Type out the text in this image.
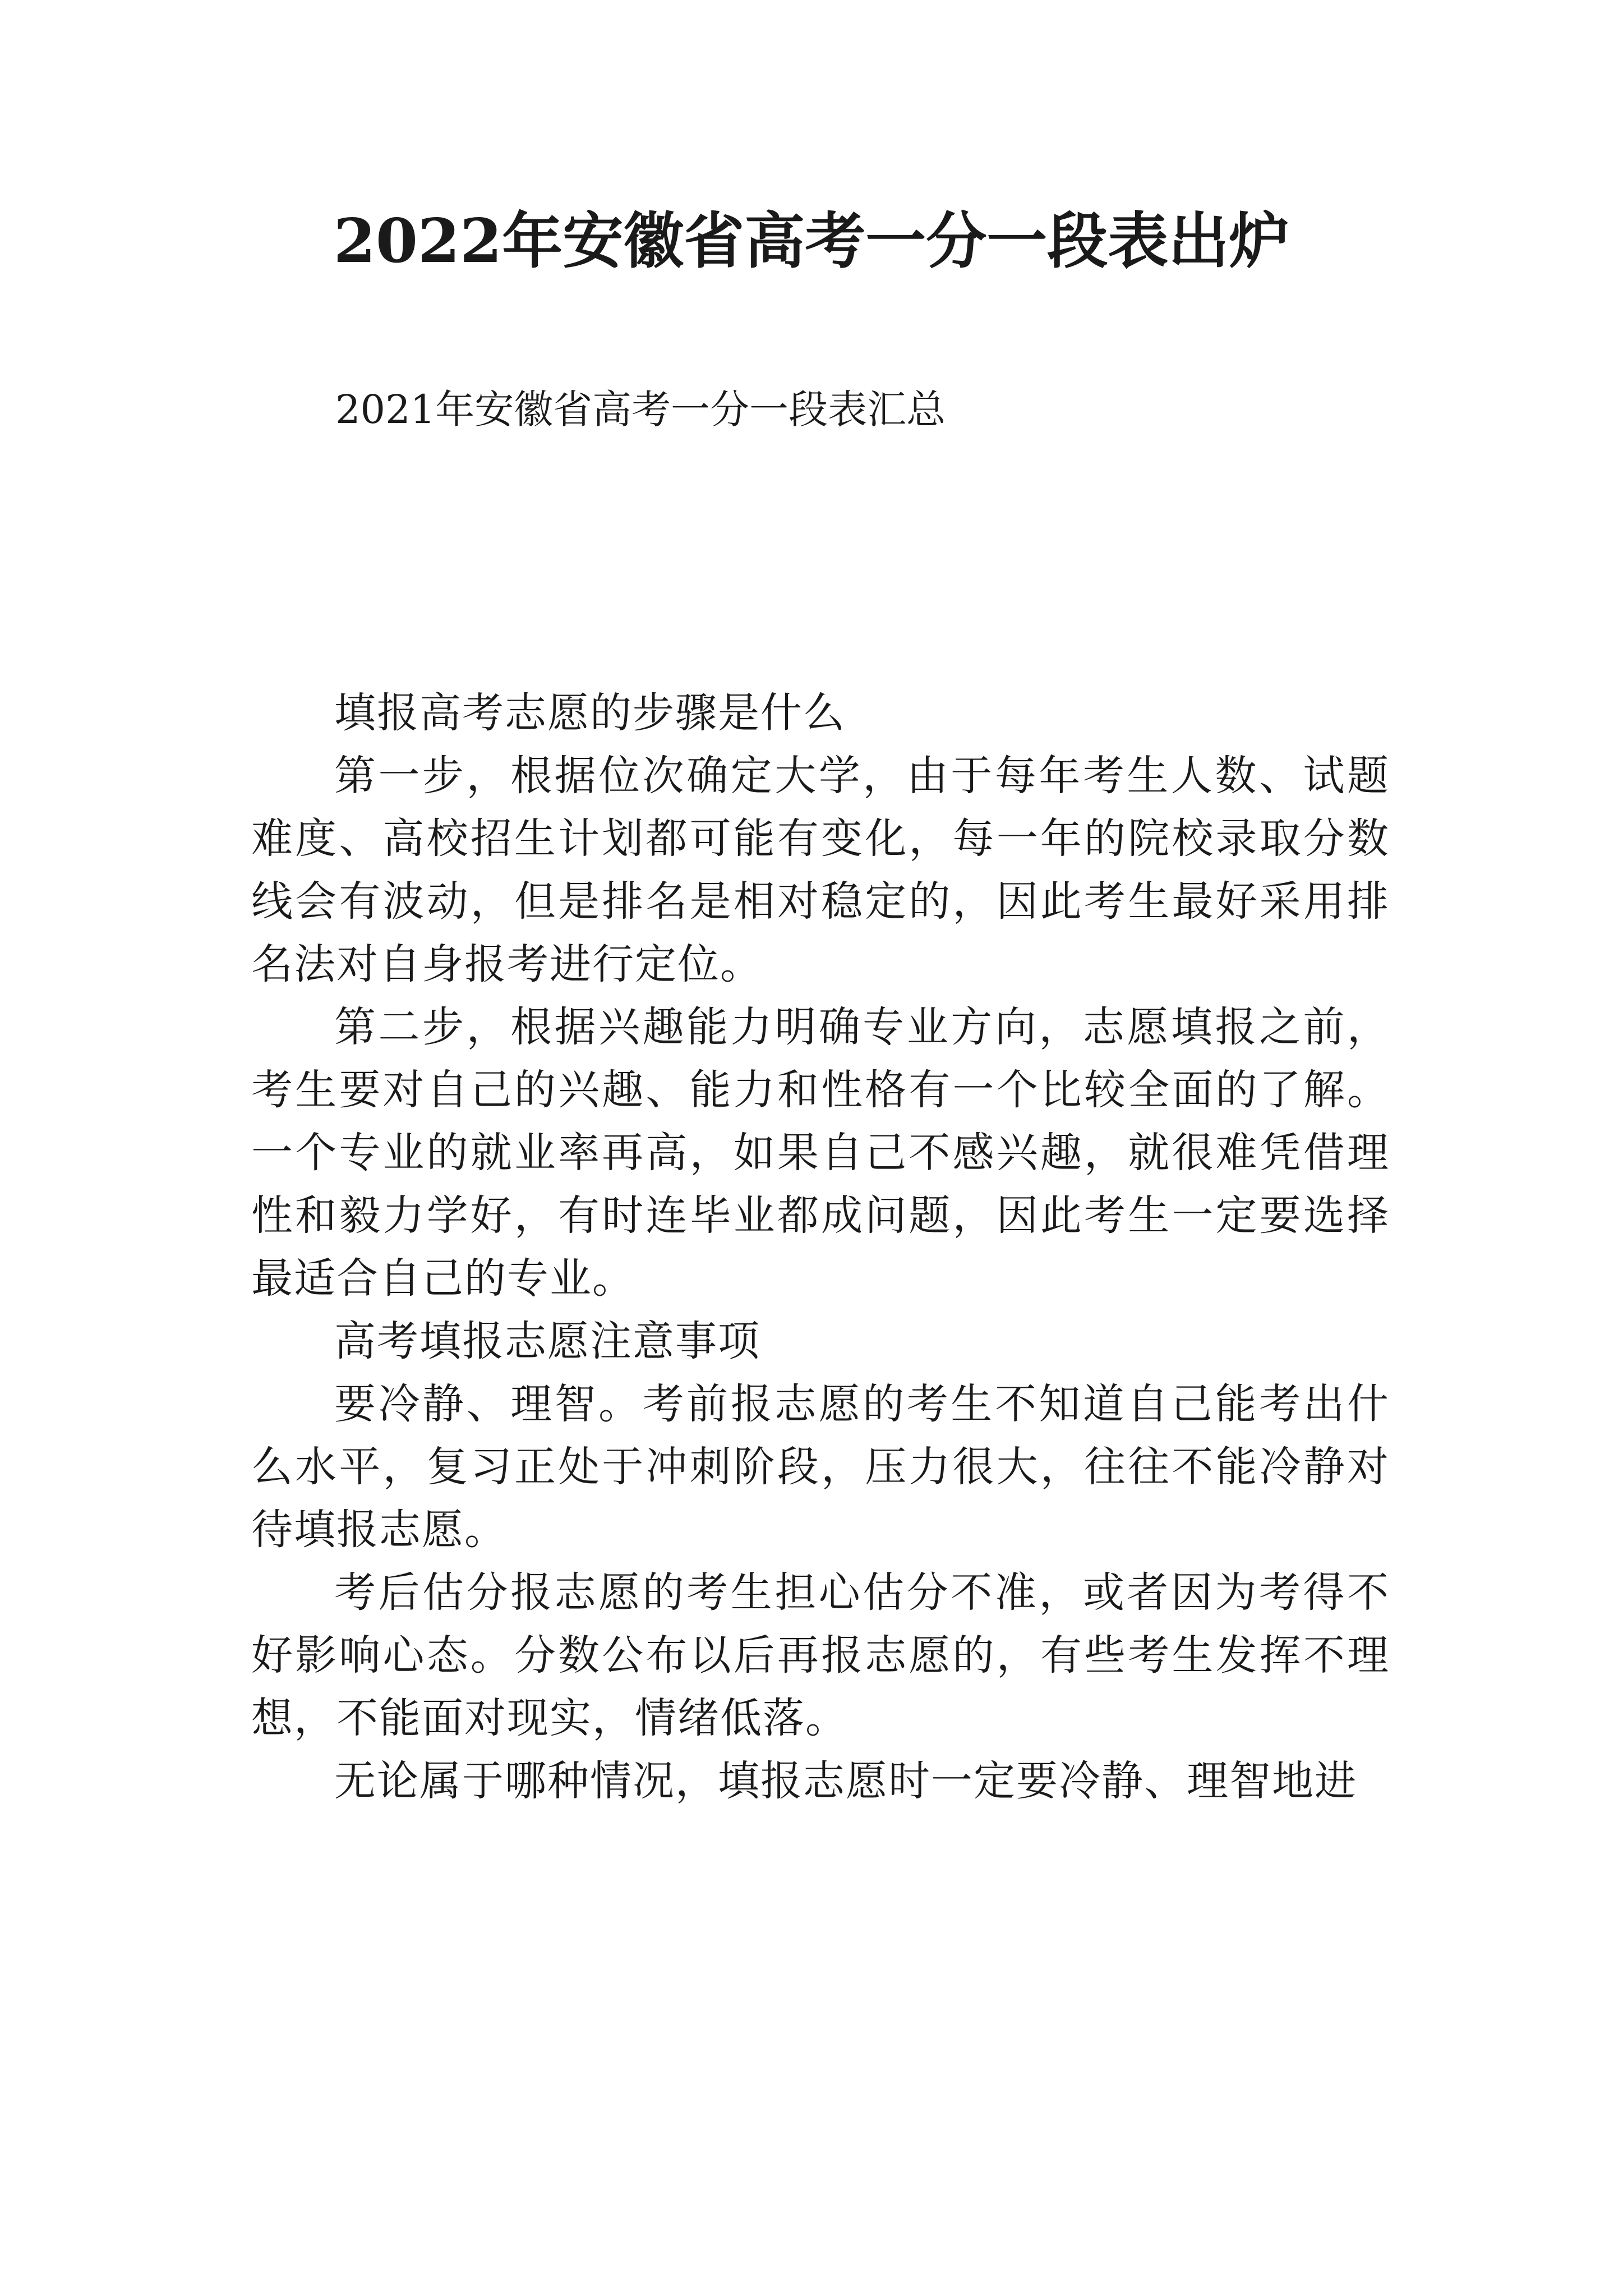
2022年安徽省高考一分一段表出炉

2021年安徽省高考一分一段表汇总

填报高考志愿的步骤是什么

第一步，根据位次确定大学，由于每年考生人数、试题难度、高校招生计划都可能有变化，每一年的院校录取分数线会有波动，但是排名是相对稳定的，因此考生最好采用排名法对自身报考进行定位。

第二步，根据兴趣能力明确专业方向，志愿填报之前，考生要对自己的兴趣、能力和性格有一个比较全面的了解。一个专业的就业率再高，如果自己不感兴趣，就很难凭借理性和毅力学好，有时连毕业都成问题，因此考生一定要选择最适合自己的专业。

高考填报志愿注意事项

要冷静、理智。考前报志愿的考生不知道自己能考出什么水平，复习正处于冲刺阶段，压力很大，往往不能冷静对待填报志愿。

考后估分报志愿的考生担心估分不准，或者因为考得不好影响心态。分数公布以后再报志愿的，有些考生发挥不理想，不能面对现实，情绪低落。

无论属于哪种情况，填报志愿时一定要冷静、理智地进
